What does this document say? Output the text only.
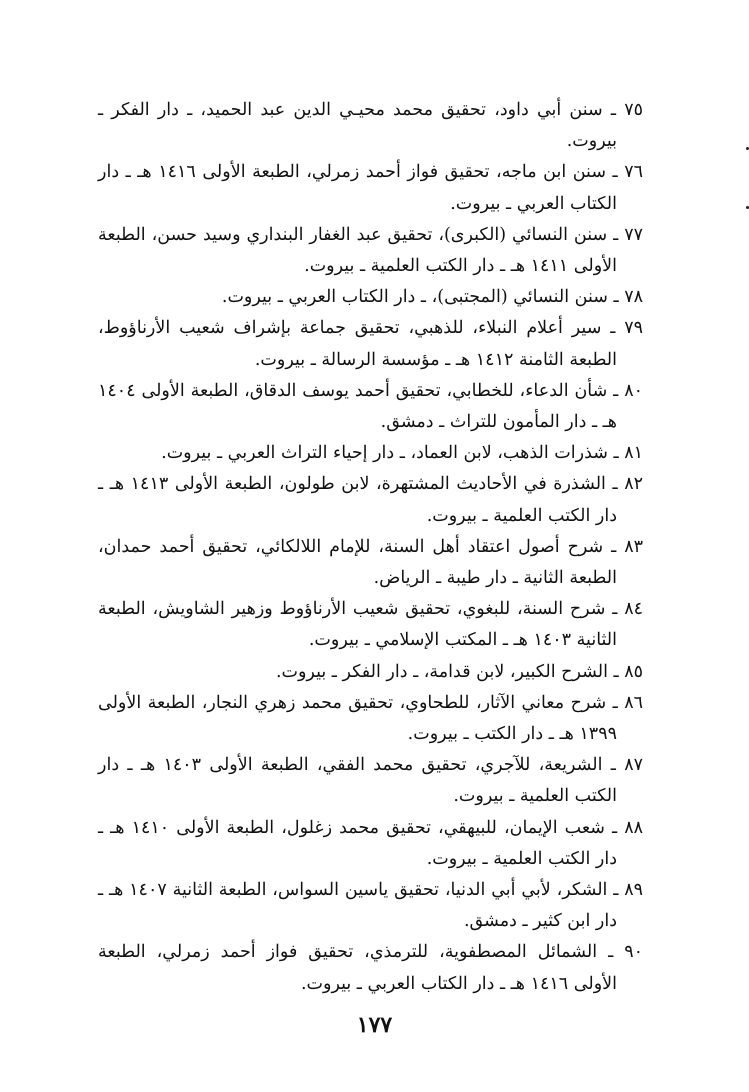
٧٥ ـ سنن أبي داود، تحقيق محمد محيـي الدين عبد الحميد، ـ دار الفكر ـ بيروت.
٧٦ ـ سنن ابن ماجه، تحقيق فواز أحمد زمرلي، الطبعة الأولى ١٤١٦ هـ ـ دار الكتاب العربي ـ بيروت.
٧٧ ـ سنن النسائي (الكبرى)، تحقيق عبد الغفار البنداري وسيد حسن، الطبعة الأولى ١٤١١ هـ ـ دار الكتب العلمية ـ بيروت.
٧٨ ـ سنن النسائي (المجتبى)، ـ دار الكتاب العربي ـ بيروت.
٧٩ ـ سير أعلام النبلاء، للذهبي، تحقيق جماعة بإشراف شعيب الأرناؤوط، الطبعة الثامنة ١٤١٢ هـ ـ مؤسسة الرسالة ـ بيروت.
٨٠ ـ شأن الدعاء، للخطابي، تحقيق أحمد يوسف الدقاق، الطبعة الأولى ١٤٠٤ هـ ـ دار المأمون للتراث ـ دمشق.
٨١ ـ شذرات الذهب، لابن العماد، ـ دار إحياء التراث العربي ـ بيروت.
٨٢ ـ الشذرة في الأحاديث المشتهرة، لابن طولون، الطبعة الأولى ١٤١٣ هـ ـ دار الكتب العلمية ـ بيروت.
٨٣ ـ شرح أصول اعتقاد أهل السنة، للإمام اللالكائي، تحقيق أحمد حمدان، الطبعة الثانية ـ دار طيبة ـ الرياض.
٨٤ ـ شرح السنة، للبغوي، تحقيق شعيب الأرناؤوط وزهير الشاويش، الطبعة الثانية ١٤٠٣ هـ ـ المكتب الإسلامي ـ بيروت.
٨٥ ـ الشرح الكبير، لابن قدامة، ـ دار الفكر ـ بيروت.
٨٦ ـ شرح معاني الآثار، للطحاوي، تحقيق محمد زهري النجار، الطبعة الأولى ١٣٩٩ هـ ـ دار الكتب ـ بيروت.
٨٧ ـ الشريعة، للآجري، تحقيق محمد الفقي، الطبعة الأولى ١٤٠٣ هـ ـ دار الكتب العلمية ـ بيروت.
٨٨ ـ شعب الإيمان، للبيهقي، تحقيق محمد زغلول، الطبعة الأولى ١٤١٠ هـ ـ دار الكتب العلمية ـ بيروت.
٨٩ ـ الشكر، لأبي أبي الدنيا، تحقيق ياسين السواس، الطبعة الثانية ١٤٠٧ هـ ـ دار ابن كثير ـ دمشق.
٩٠ ـ الشمائل المصطفوية، للترمذي، تحقيق فواز أحمد زمرلي، الطبعة الأولى ١٤١٦ هـ ـ دار الكتاب العربي ـ بيروت.
١٧٧
